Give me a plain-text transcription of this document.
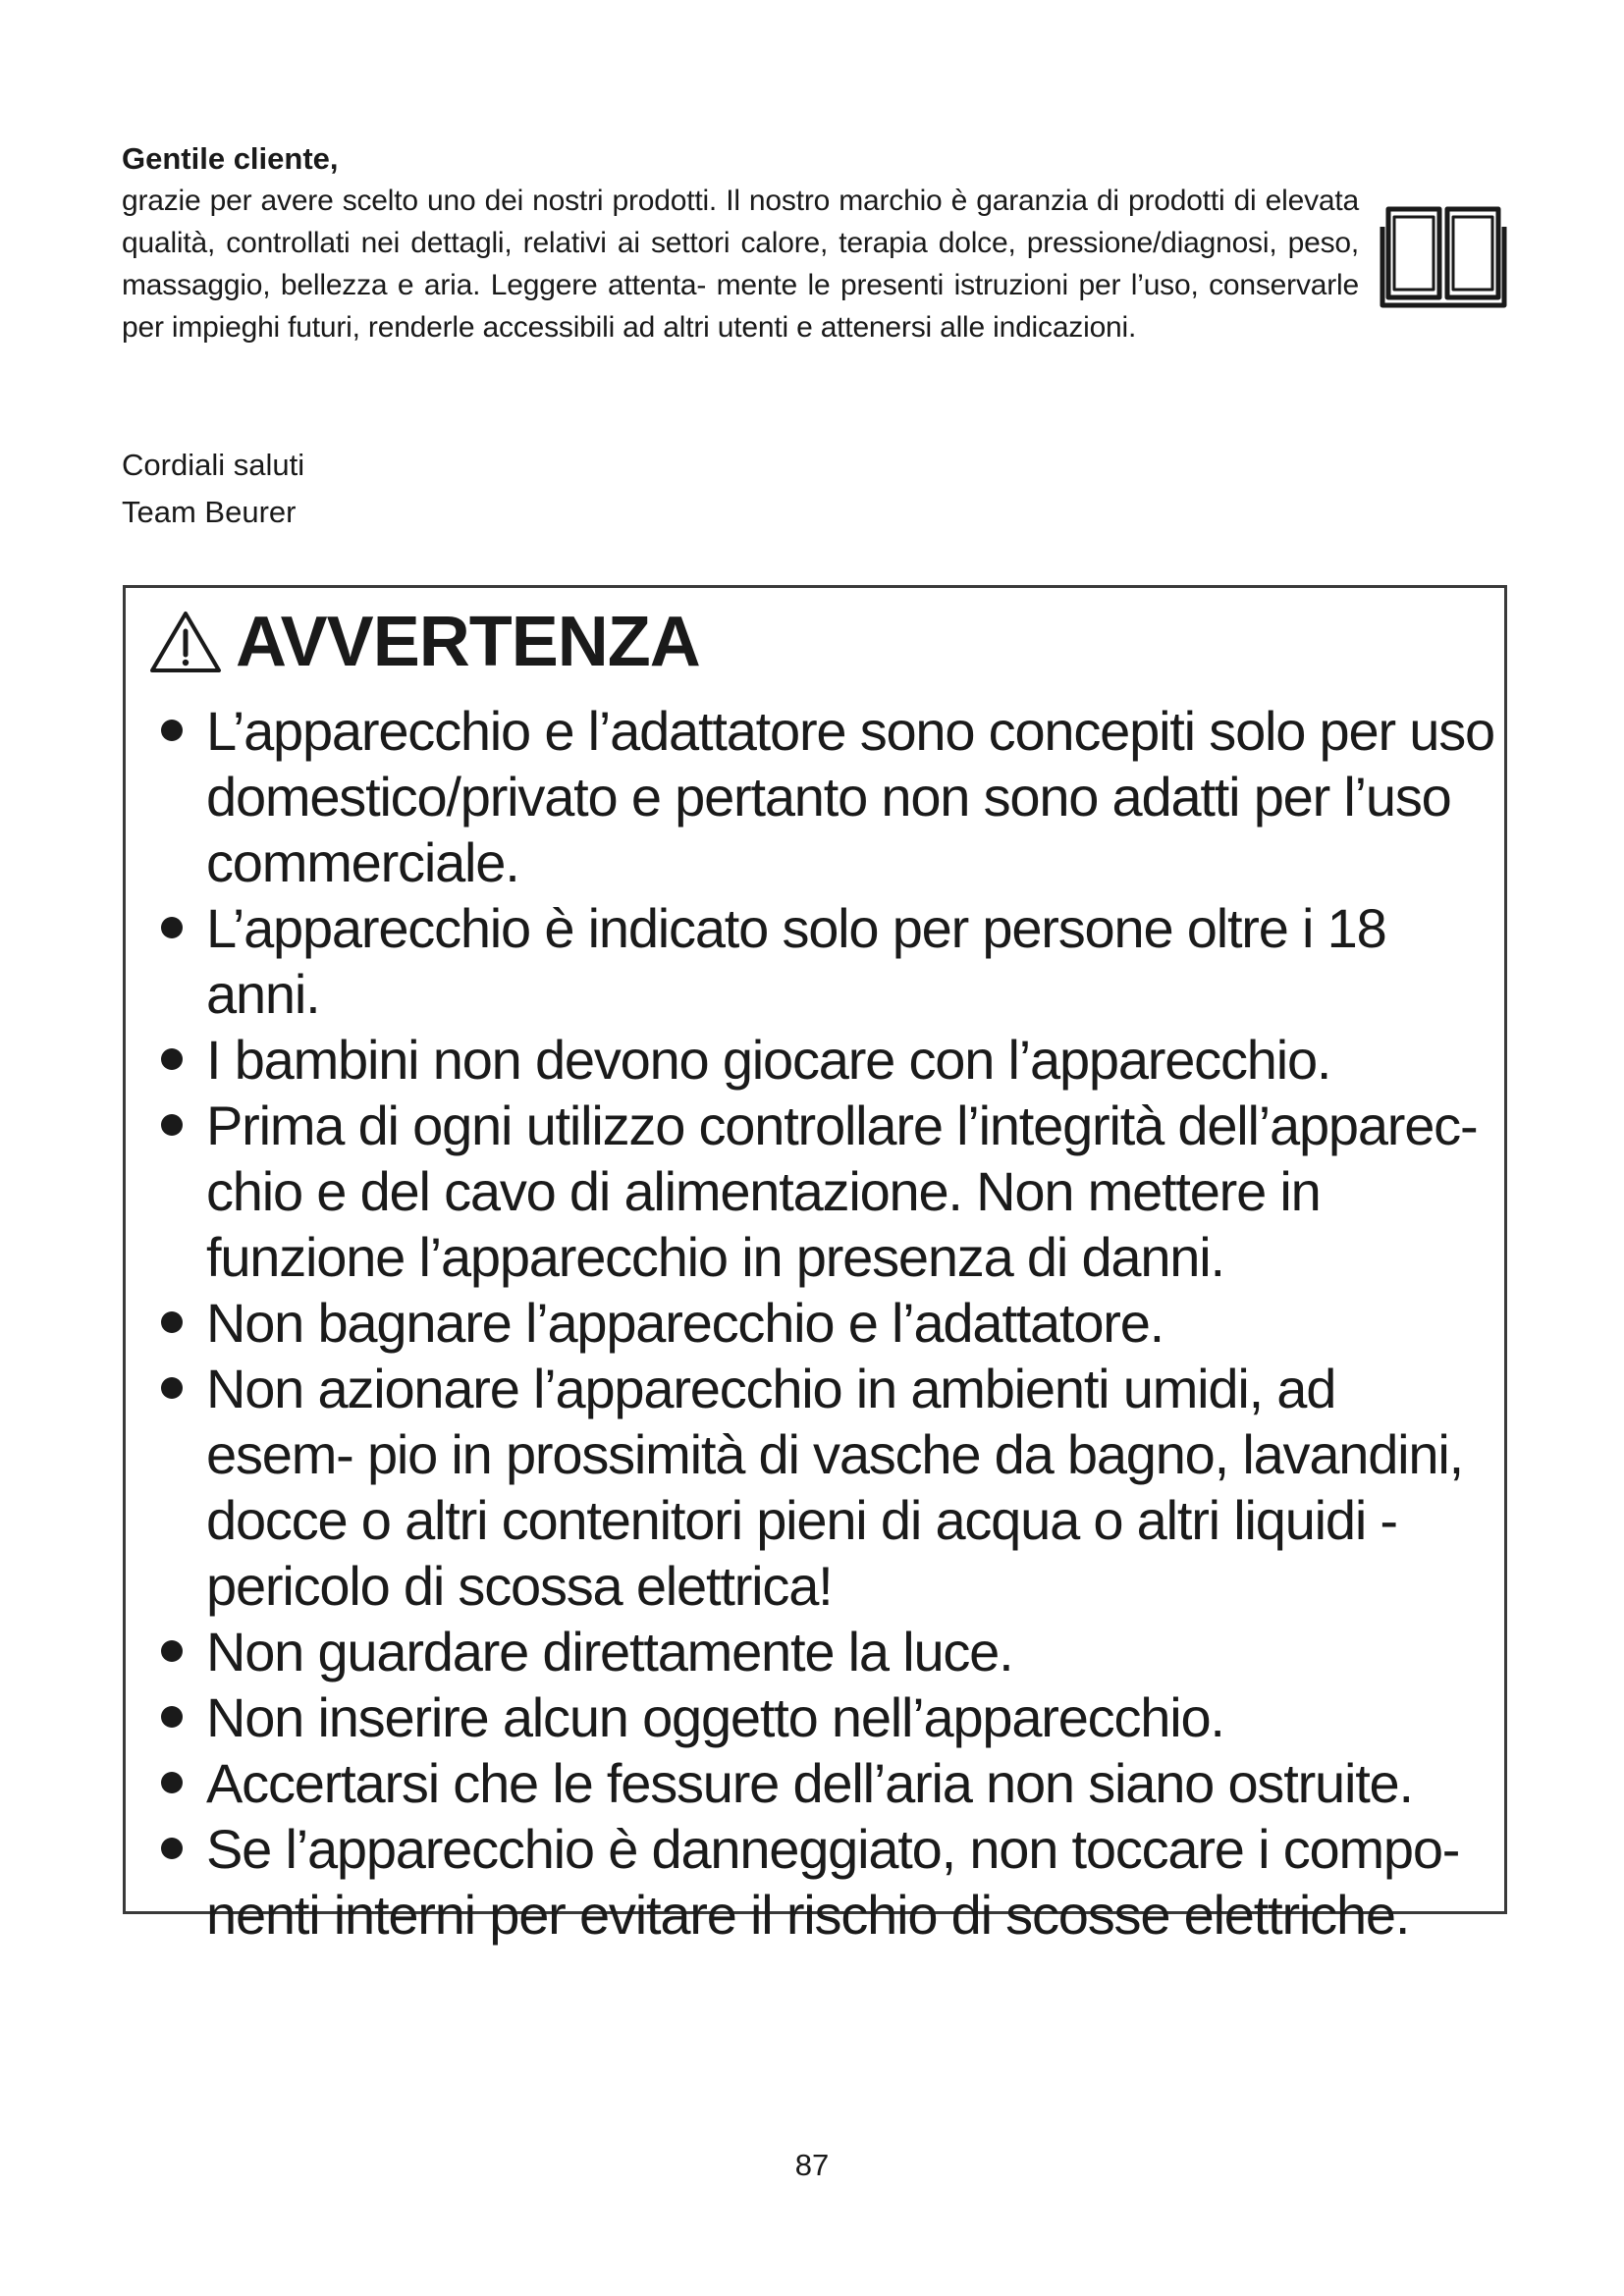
Gentile cliente,

grazie per avere scelto uno dei nostri prodotti. Il nostro marchio è garanzia di prodotti di elevata qualità, controllati nei dettagli, relativi ai settori calore, terapia dolce, pressione/diagnosi, peso, massaggio, bellezza e aria. Leggere attenta- mente le presenti istruzioni per l’uso, conservarle per impieghi futuri, renderle accessibili ad altri utenti e attenersi alle indicazioni.

Cordiali saluti
Team Beurer
AVVERTENZA
L’apparecchio e l’adattatore sono concepiti solo per uso domestico/privato e pertanto non sono adatti per l’uso commerciale.
L’apparecchio è indicato solo per persone oltre i 18 anni.
I bambini non devono giocare con l’apparecchio.
Prima di ogni utilizzo controllare l’integrità dell’apparec- chio e del cavo di alimentazione. Non mettere in funzione l’apparecchio in presenza di danni.
Non bagnare l’apparecchio e l’adattatore.
Non azionare l’apparecchio in ambienti umidi, ad esem- pio in prossimità di vasche da bagno, lavandini, docce o altri contenitori pieni di acqua o altri liquidi - pericolo di scossa elettrica!
Non guardare direttamente la luce.
Non inserire alcun oggetto nell’apparecchio.
Accertarsi che le fessure dell’aria non siano ostruite.
Se l’apparecchio è danneggiato, non toccare i compo- nenti interni per evitare il rischio di scosse elettriche.
87
